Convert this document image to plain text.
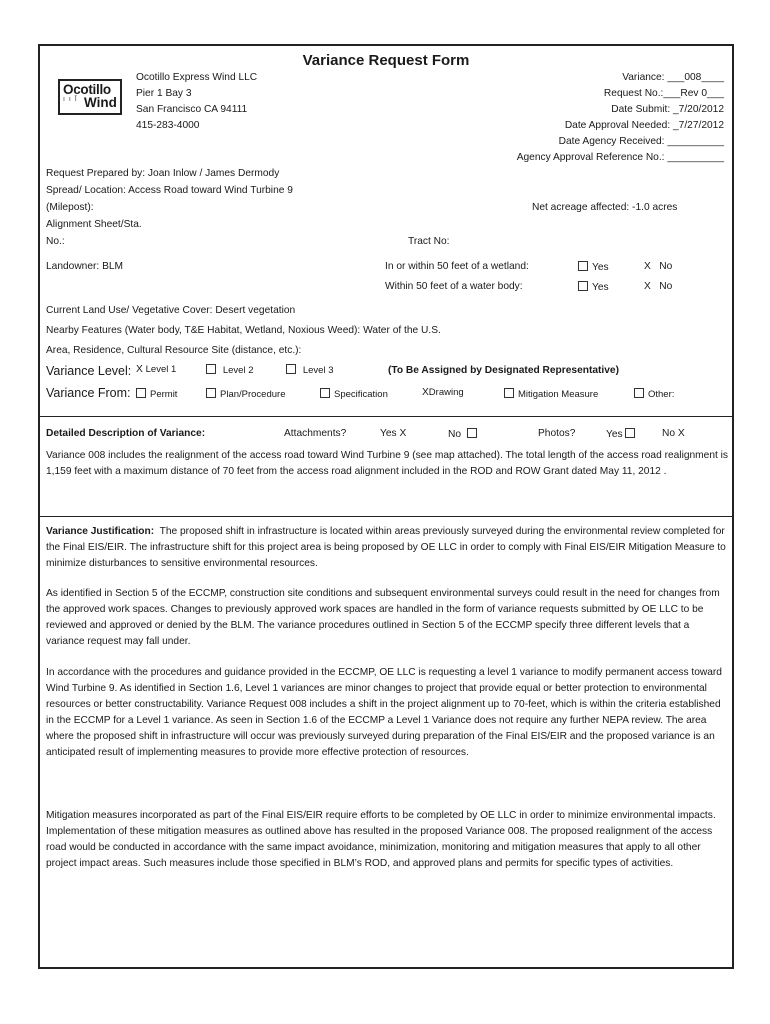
Variance Request Form
Ocotillo
ı ı Ī Wind
Ocotillo Express Wind LLC
Pier 1 Bay 3
San Francisco CA 94111
415-283-4000
Variance: ___008____
Request No.:___Rev 0___
Date Submit: _7/20/2012
Date Approval Needed: _7/27/2012
Date Agency Received: __________
Agency Approval Reference No.: __________
Request Prepared by: Joan Inlow / James Dermody
Spread/ Location: Access Road toward Wind Turbine 9
(Milepost):	Net acreage affected: -1.0 acres
Alignment Sheet/Sta.
No.:	Tract No:
Landowner: BLM	In or within 50 feet of a wetland:	Yes	X No
Within 50 feet of a water body:	Yes	X No
Current Land Use/ Vegetative Cover: Desert vegetation
Nearby Features (Water body, T&E Habitat, Wetland, Noxious Weed): Water of the U.S.
Area, Residence, Cultural Resource Site (distance, etc.):
Variance Level: X Level 1	Level 2	Level 3	(To Be Assigned by Designated Representative)
Variance From:	Permit	Plan/Procedure	Specification	XDrawing	Mitigation Measure	Other:
Detailed Description of Variance:	Attachments?	Yes X	No	Photos?	Yes	No X
Variance 008 includes the realignment of the access road toward Wind Turbine 9 (see map attached). The total length of the access road realignment is 1,159 feet with a maximum distance of 70 feet from the access road alignment included in the ROD and ROW Grant dated May 11, 2012 .
Variance Justification: The proposed shift in infrastructure is located within areas previously surveyed during the environmental review completed for the Final EIS/EIR. The infrastructure shift for this project area is being proposed by OE LLC in order to comply with Final EIS/EIR Mitigation Measure to minimize disturbances to sensitive environmental resources.
As identified in Section 5 of the ECCMP, construction site conditions and subsequent environmental surveys could result in the need for changes from the approved work spaces. Changes to previously approved work spaces are handled in the form of variance requests submitted by OE LLC to be reviewed and approved or denied by the BLM. The variance procedures outlined in Section 5 of the ECCMP specify three different levels that a variance request may fall under.
In accordance with the procedures and guidance provided in the ECCMP, OE LLC is requesting a level 1 variance to modify permanent access toward Wind Turbine 9. As identified in Section 1.6, Level 1 variances are minor changes to project that provide equal or better protection to environmental resources or better constructability. Variance Request 008 includes a shift in the project alignment up to 70-feet, which is within the criteria established in the ECCMP for a Level 1 variance. As seen in Section 1.6 of the ECCMP a Level 1 Variance does not require any further NEPA review. The area where the proposed shift in infrastructure will occur was previously surveyed during preparation of the Final EIS/EIR and the proposed variance is an anticipated result of implementing measures to provide more effective protection of resources.
Mitigation measures incorporated as part of the Final EIS/EIR require efforts to be completed by OE LLC in order to minimize environmental impacts. Implementation of these mitigation measures as outlined above has resulted in the proposed Variance 008. The proposed realignment of the access road would be conducted in accordance with the same impact avoidance, minimization, monitoring and mitigation measures that apply to all other project impact areas. Such measures include those specified in BLM’s ROD, and approved plans and permits for specific types of activities.
